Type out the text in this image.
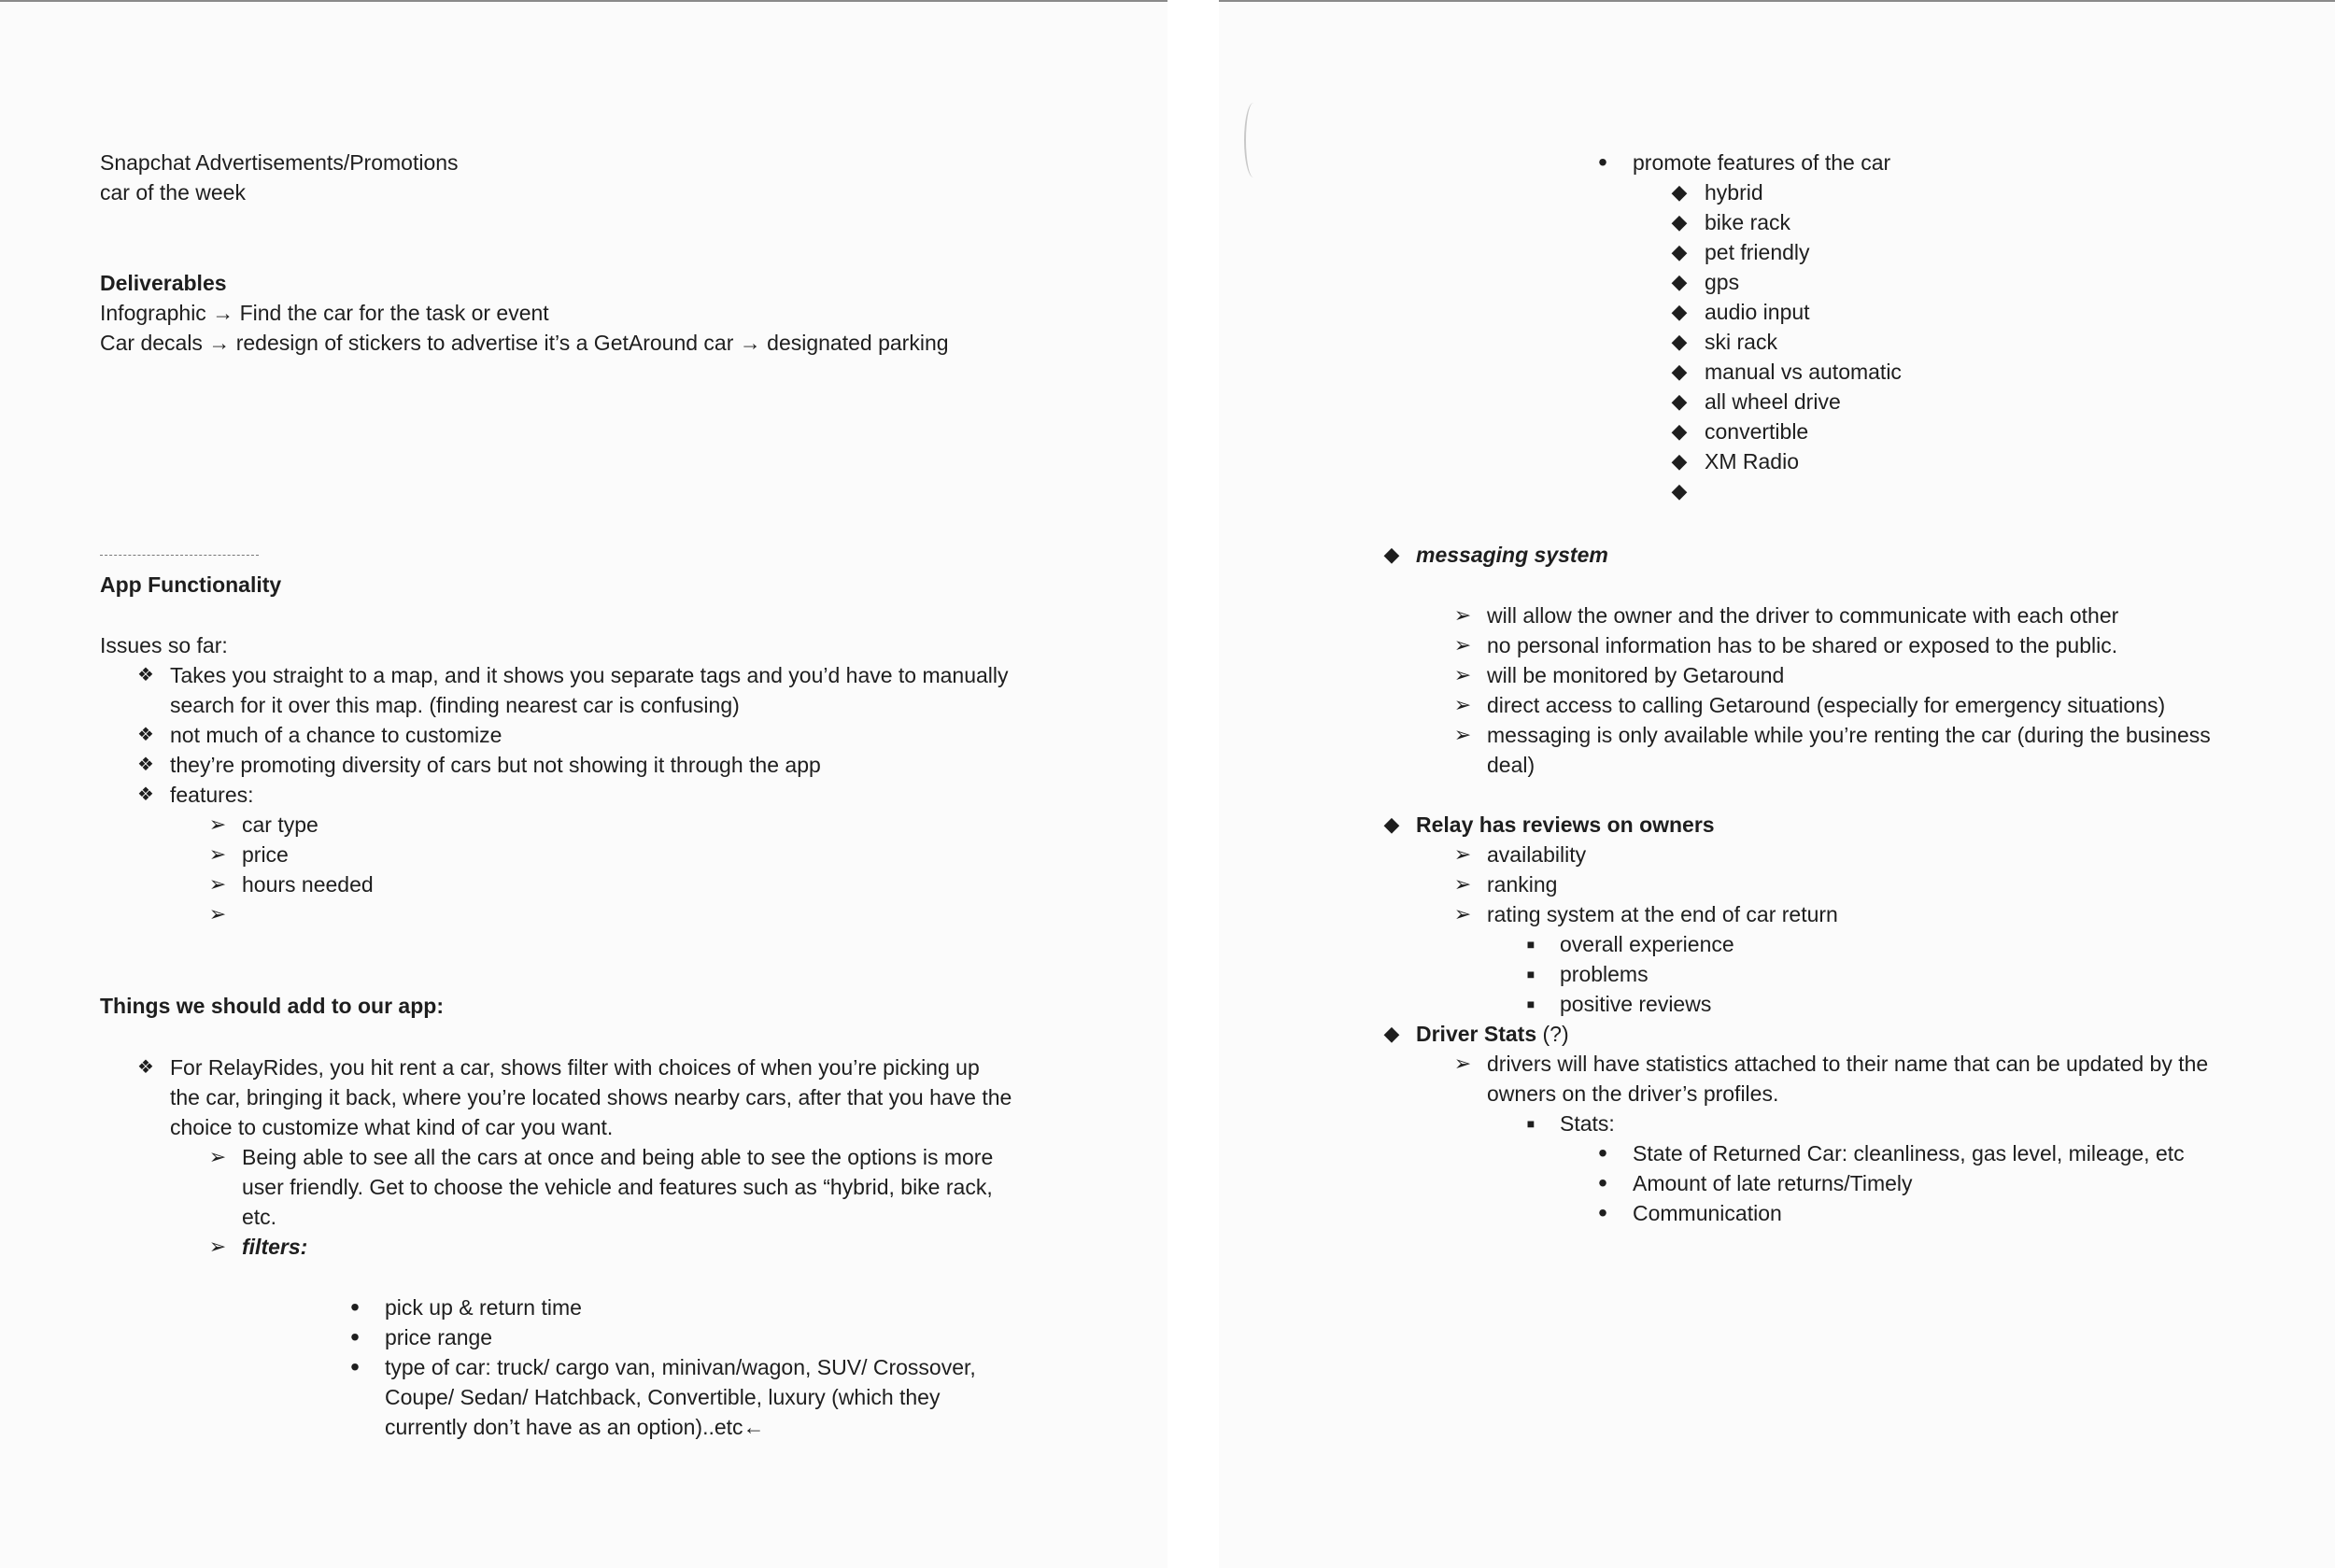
Snapchat Advertisements/Promotions
car of the week
Deliverables
Infographic → Find the car for the task or event
Car decals → redesign of stickers to advertise it’s a GetAround car → designated parking
App Functionality
Issues so far:
❖ Takes you straight to a map, and it shows you separate tags and you’d have to manually
search for it over this map. (finding nearest car is confusing)
❖ not much of a chance to customize
❖ they’re promoting diversity of cars but not showing it through the app
❖ features:
➢ car type
➢ price
➢ hours needed
➢
Things we should add to our app:
❖ For RelayRides, you hit rent a car, shows filter with choices of when you’re picking up
the car, bringing it back, where you’re located shows nearby cars, after that you have the
choice to customize what kind of car you want.
➢ Being able to see all the cars at once and being able to see the options is more
user friendly. Get to choose the vehicle and features such as “hybrid, bike rack,
etc.
➢ filters:
•	pick up & return time
•	price range
•	type of car: truck/ cargo van, minivan/wagon, SUV/ Crossover,
Coupe/ Sedan/ Hatchback, Convertible, luxury (which they
currently don’t have as an option)..etc←
•	promote features of the car
◆ hybrid
◆ bike rack
◆ pet friendly
◆ gps
◆ audio input
◆ ski rack
◆ manual vs automatic
◆ all wheel drive
◆ convertible
◆ XM Radio
◆
◆ messaging system
➢ will allow the owner and the driver to communicate with each other
➢ no personal information has to be shared or exposed to the public.
➢ will be monitored by Getaround
➢ direct access to calling Getaround (especially for emergency situations)
➢ messaging is only available while you’re renting the car (during the business
deal)
◆ Relay has reviews on owners
➢ availability
➢ ranking
➢ rating system at the end of car return
■	overall experience
■	problems
■	positive reviews
◆ Driver Stats (?)
➢ drivers will have statistics attached to their name that can be updated by the
owners on the driver’s profiles.
■	Stats:
•	State of Returned Car: cleanliness, gas level, mileage, etc
•	Amount of late returns/Timely
•	Communication
